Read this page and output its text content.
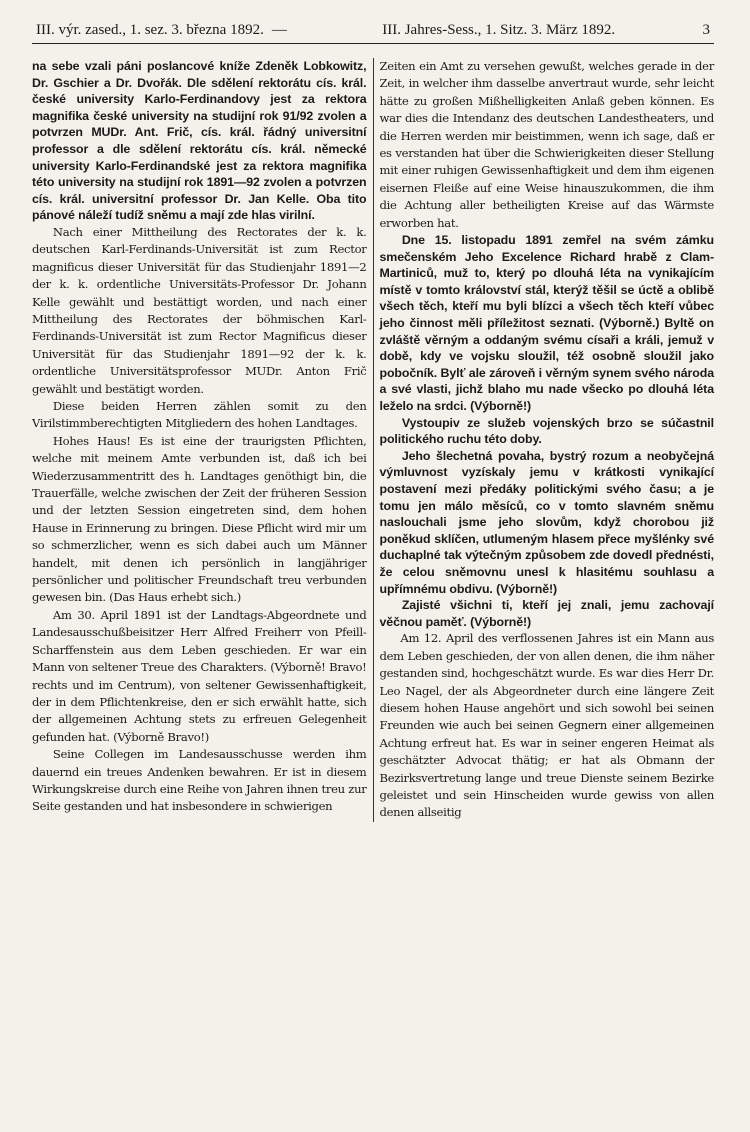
III. výr. zased., 1. sez. 3. března 1892. —	III. Jahres-Sess., 1. Sitz. 3. März 1892.	3

na sebe vzali páni poslancové kníže Zdeněk Lobkowitz, Dr. Gschier a Dr. Dvořák. Dle sdělení rektorátu cís. král. české university Karlo-Ferdinandovy jest za rektora magnifika české university na studijní rok 91/92 zvolen a potvrzen MUDr. Ant. Frič, cís. král. řádný universitní professor a dle sdělení rektorátu cís. král. německé university Karlo-Ferdinandské jest za rektora magnifika této university na studijní rok 1891—92 zvolen a potvrzen cís. král. universitní professor Dr. Jan Kelle. Oba tito pánové náleží tudíž sněmu a mají zde hlas virilní.

Nach einer Mittheilung des Rectorates der k. k. deutschen Karl-Ferdinands-Universität ist zum Rector magnificus dieser Universität für das Studienjahr 1891—2 der k. k. ordentliche Universitäts-Professor Dr. Johann Kelle gewählt und bestättigt worden, und nach einer Mittheilung des Rectorates der böhmischen Karl-Ferdinands-Universität ist zum Rector Magnificus dieser Universität für das Studienjahr 1891—92 der k. k. ordentliche Universitätsprofessor MUDr. Anton Frič gewählt und bestätigt worden.

Diese beiden Herren zählen somit zu den Virilstimmberechtigten Mitgliedern des hohen Landtages.

Hohes Haus! Es ist eine der traurigsten Pflichten, welche mit meinem Amte verbunden ist, daß ich bei Wiederzusammentritt des h. Landtages genöthigt bin, die Trauerfälle, welche zwischen der Zeit der früheren Session und der letzten Session eingetreten sind, dem hohen Hause in Erinnerung zu bringen. Diese Pflicht wird mir um so schmerzlicher, wenn es sich dabei auch um Männer handelt, mit denen ich persönlich in langjähriger persönlicher und politischer Freundschaft treu verbunden gewesen bin. (Das Haus erhebt sich.)

Am 30. April 1891 ist der Landtags-Abgeordnete und Landesausschußbeisitzer Herr Alfred Freiherr von Pfeill-Scharffenstein aus dem Leben geschieden. Er war ein Mann von seltener Treue des Charakters. (Výborně! Bravo! rechts und im Centrum), von seltener Gewissenhaftigkeit, der in dem Pflichtenkreise, den er sich erwählt hatte, sich der allgemeinen Achtung stets zu erfreuen Gelegenheit gefunden hat. (Výborně Bravo!)

Seine Collegen im Landesausschusse werden ihm dauernd ein treues Andenken bewahren. Er ist in diesem Wirkungskreise durch eine Reihe von Jahren ihnen treu zur Seite gestanden und hat insbesondere in schwierigen

Zeiten ein Amt zu versehen gewußt, welches gerade in der Zeit, in welcher ihm dasselbe anvertraut wurde, sehr leicht hätte zu großen Mißhelligkeiten Anlaß geben können. Es war dies die Intendanz des deutschen Landestheaters, und die Herren werden mir beistimmen, wenn ich sage, daß er es verstanden hat über die Schwierigkeiten dieser Stellung mit einer ruhigen Gewissenhaftigkeit und dem ihm eigenen eisernen Fleiße auf eine Weise hinauszukommen, die ihm die Achtung aller betheiligten Kreise auf das Wärmste erworben hat.

Dne 15. listopadu 1891 zemřel na svém zámku smečenském Jeho Excelence Richard hrabě z Clam-Martiniců, muž to, který po dlouhá léta na vynikajícím místě v tomto království stál, kterýž těšil se úctě a oblibě všech těch, kteří mu byli blízci a všech těch kteří vůbec jeho činnost měli příležitost seznati. (Výborně.) Byltě on zvláště věrným a oddaným svému císaři a králi, jemuž v době, kdy ve vojsku sloužil, též osobně sloužil jako pobočník. Bylť ale zároveň i věrným synem svého národa a své vlasti, jichž blaho mu nade všecko po dlouhá léta leželo na srdci. (Výborně!)

Vystoupiv ze služeb vojenských brzo se súčastnil politického ruchu této doby.

Jeho šlechetná povaha, bystrý rozum a neobyčejná výmluvnost vyzískaly jemu v krátkosti vynikající postavení mezi předáky politickými svého času; a je tomu jen málo měsíců, co v tomto slavném sněmu naslouchali jsme jeho slovům, když chorobou již poněkud sklíčen, utlumeným hlasem přece myšlénky své duchaplné tak výtečným způsobem zde dovedl přednésti, že celou sněmovnu unesl k hlasitému souhlasu a upřímnému obdivu. (Výborně!)

Zajisté všichni ti, kteří jej znali, jemu zachovají věčnou paměť. (Výborně!)

Am 12. April des verflossenen Jahres ist ein Mann aus dem Leben geschieden, der von allen denen, die ihm näher gestanden sind, hochgeschätzt wurde. Es war dies Herr Dr. Leo Nagel, der als Abgeordneter durch eine längere Zeit diesem hohen Hause angehört und sich sowohl bei seinen Freunden wie auch bei seinen Gegnern einer allgemeinen Achtung erfreut hat. Es war in seiner engeren Heimat als geschätzter Advocat thätig; er hat als Obmann der Bezirksvertretung lange und treue Dienste seinem Bezirke geleistet und sein Hinscheiden wurde gewiss von allen denen allseitig
